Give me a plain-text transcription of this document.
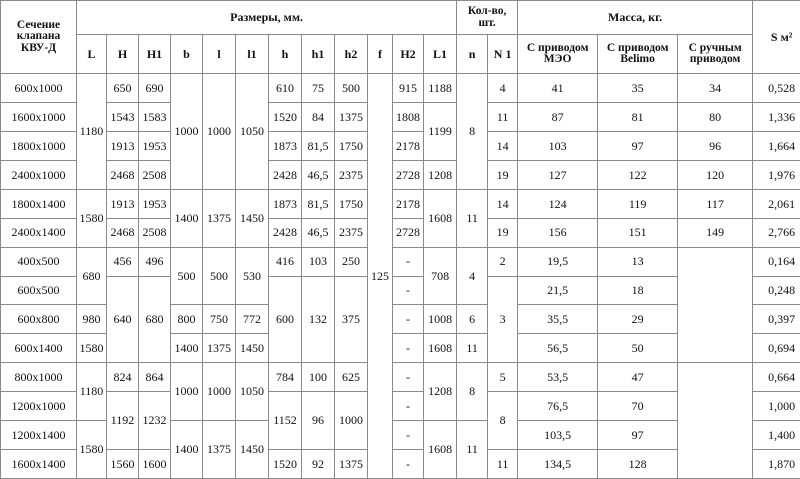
Сечение клапана КВУ-Д	Размеры, мм.												Кол-во, шт.		Масса, кг.			S м²
	L	H	H1	b	l	l1	h	h1	h2	f	H2	L1	n	N 1	С приводом МЭО	С приводом Belimo	С ручным приводом	
600x1000	1180	650	690	1000	1000	1050	610	75	500	125	915	1188	8	4	41	35	34	0,528
1600x1000		1543	1583				1520	84	1375		1808	1199		11	87	81	80	1,336
1800x1000		1913	1953				1873	81,5	1750		2178			14	103	97	96	1,664
2400x1000		2468	2508				2428	46,5	2375		2728	1208		19	127	122	120	1,976
1800x1400	1580	1913	1953	1400	1375	1450	1873	81,5	1750		2178	1608	11	14	124	119	117	2,061
2400x1400		2468	2508				2428	46,5	2375		2728			19	156	151	149	2,766
400x500	680	456	496	500	500	530	416	103	250		-	708	4	2	19,5	13		0,164
600x500		640	680				600	132	375		-			3	21,5	18		0,248
600x800	980			800	750	772					-	1008	6		35,5	29		0,397
600x1400	1580			1400	1375	1450					-	1608	11		56,5	50		0,694
800x1000	1180	824	864	1000	1000	1050	784	100	625		-	1208	8	5	53,5	47		0,664
1200x1000		1192	1232				1152	96	1000		-			8	76,5	70		1,000
1200x1400	1580			1400	1375	1450					-	1608	11		103,5	97		1,400
1600x1400		1560	1600				1520	92	1375		-			11	134,5	128		1,870
